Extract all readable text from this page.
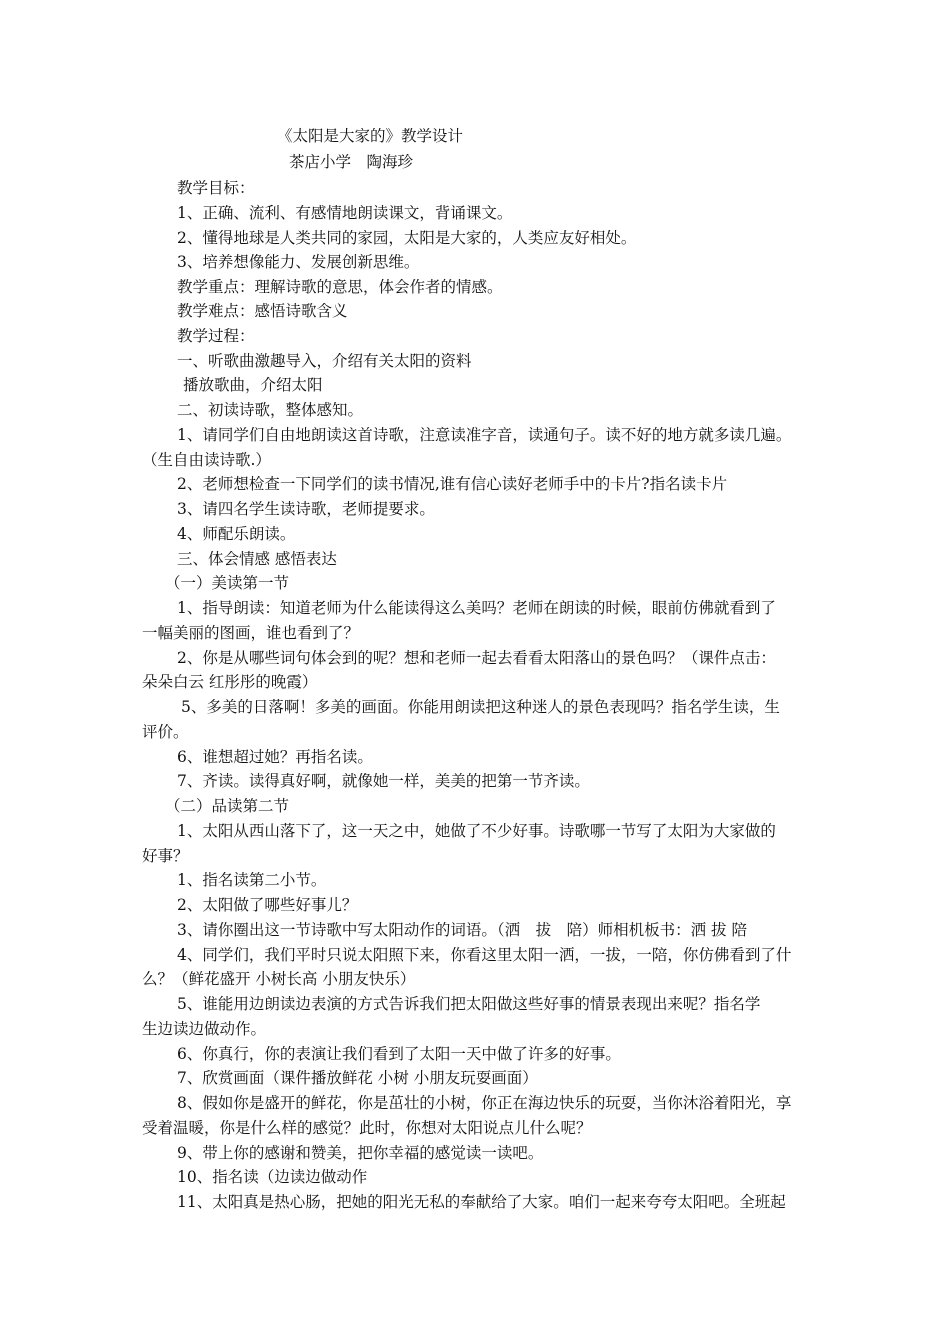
《太阳是大家的》教学设计
茶店小学　陶海珍
教学目标：
1、正确、流利、有感情地朗读课文，背诵课文。
2、懂得地球是人类共同的家园，太阳是大家的，人类应友好相处。
3、培养想像能力、发展创新思维。
教学重点：理解诗歌的意思，体会作者的情感。
教学难点：感悟诗歌含义
教学过程：
一、听歌曲激趣导入，介绍有关太阳的资料
播放歌曲，介绍太阳
二、初读诗歌，整体感知。
1、请同学们自由地朗读这首诗歌，注意读准字音，读通句子。读不好的地方就多读几遍。
（生自由读诗歌.）
2、老师想检查一下同学们的读书情况,谁有信心读好老师手中的卡片?指名读卡片
3、请四名学生读诗歌，老师提要求。
4、师配乐朗读。
三、体会情感 感悟表达
（一）美读第一节
1、指导朗读：知道老师为什么能读得这么美吗？老师在朗读的时候，眼前仿佛就看到了
一幅美丽的图画，谁也看到了？
2、你是从哪些词句体会到的呢？想和老师一起去看看太阳落山的景色吗？（课件点击：
朵朵白云 红彤彤的晚霞）
5、多美的日落啊！多美的画面。你能用朗读把这种迷人的景色表现吗？指名学生读，生
评价。
6、谁想超过她？再指名读。
7、齐读。读得真好啊，就像她一样，美美的把第一节齐读。
（二）品读第二节
1、太阳从西山落下了，这一天之中，她做了不少好事。诗歌哪一节写了太阳为大家做的
好事？
1、指名读第二小节。
2、太阳做了哪些好事儿？
3、请你圈出这一节诗歌中写太阳动作的词语。（洒　拔　陪）师相机板书：洒 拔 陪
4、同学们，我们平时只说太阳照下来，你看这里太阳一洒，一拔，一陪，你仿佛看到了什
么？（鲜花盛开 小树长高 小朋友快乐）
5、谁能用边朗读边表演的方式告诉我们把太阳做这些好事的情景表现出来呢？指名学
生边读边做动作。
6、你真行，你的表演让我们看到了太阳一天中做了许多的好事。
7、欣赏画面（课件播放鲜花 小树 小朋友玩耍画面）
8、假如你是盛开的鲜花，你是茁壮的小树，你正在海边快乐的玩耍，当你沐浴着阳光，享
受着温暖，你是什么样的感觉？此时，你想对太阳说点儿什么呢？
9、带上你的感谢和赞美，把你幸福的感觉读一读吧。
10、指名读（边读边做动作
11、太阳真是热心肠，把她的阳光无私的奉献给了大家。咱们一起来夸夸太阳吧。全班起
